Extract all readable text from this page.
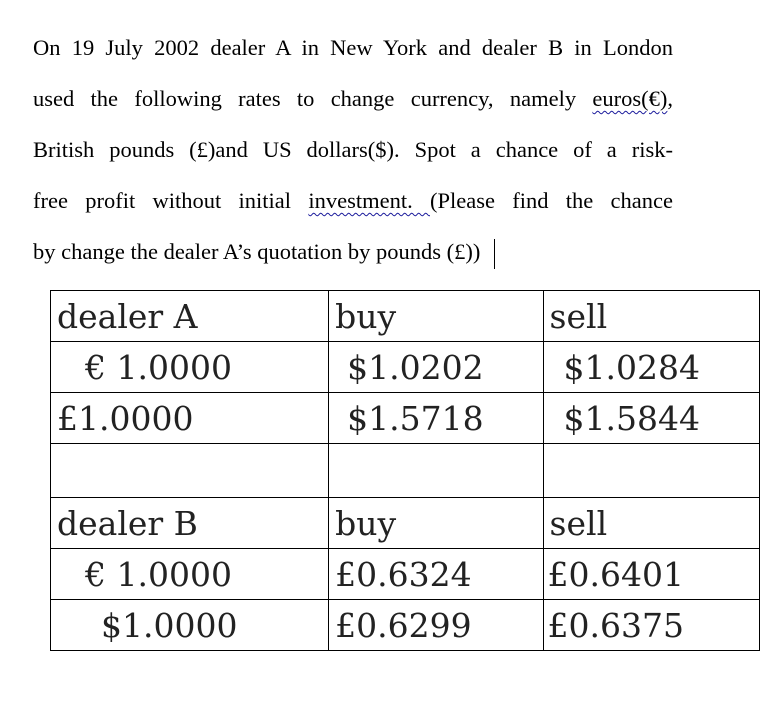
On 19 July 2002 dealer A in New York and dealer B in London
used the following rates to change currency, namely euros(€),
British pounds (£)and US dollars($). Spot a chance of a risk-
free profit without initial investment. (Please find the chance
by change the dealer A’s quotation by pounds (£))
dealer A	buy	sell
€ 1.0000	$1.0202	$1.0284
£1.0000	$1.5718	$1.5844

dealer B	buy	sell
€ 1.0000	£0.6324	£0.6401
$1.0000	£0.6299	£0.6375
